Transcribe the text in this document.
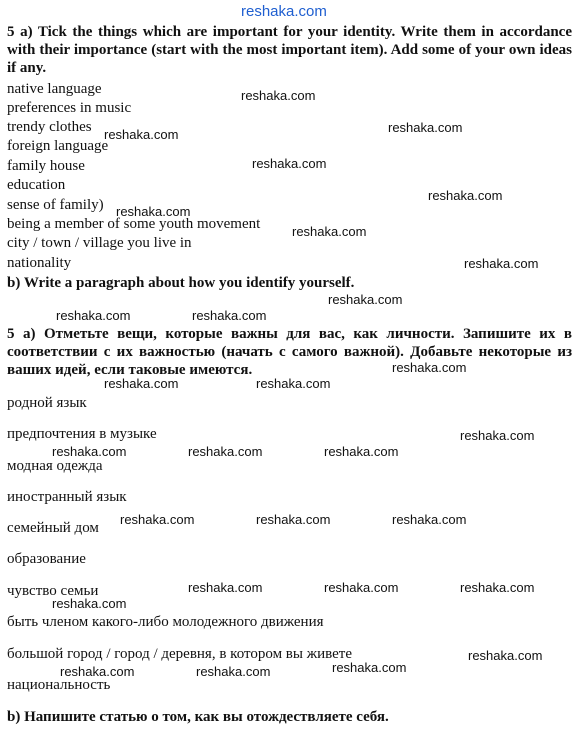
reshaka.com
5 a) Tick the things which are important for your identity. Write them in accordance with their importance (start with the most important item). Add some of your own ideas if any.
native language
preferences in music
trendy clothes
foreign language
family house
education
sense of family)
being a member of some youth movement
city / town / village you live in
nationality
b) Write a paragraph about how you identify yourself.
5 а) Отметьте вещи, которые важны для вас, как личности. Запишите их в соответствии с их важностью (начать с самого важной). Добавьте некоторые из ваших идей, если таковые имеются.
родной язык
предпочтения в музыке
модная одежда
иностранный язык
семейный дом
образование
чувство семьи
быть членом какого-либо молодежного движения
большой город / город / деревня, в котором вы живете
национальность
b) Напишите статью о том, как вы отождествляете себя.
reshaka.com
reshaka.com	reshaka.com
reshaka.com
reshaka.com
reshaka.com
reshaka.com
reshaka.com
reshaka.com
reshaka.com	reshaka.com
reshaka.com
reshaka.com	reshaka.com
reshaka.com
reshaka.com	reshaka.com	reshaka.com
reshaka.com	reshaka.com	reshaka.com
reshaka.com	reshaka.com	reshaka.com
reshaka.com
reshaka.com
reshaka.com
reshaka.com	reshaka.com
